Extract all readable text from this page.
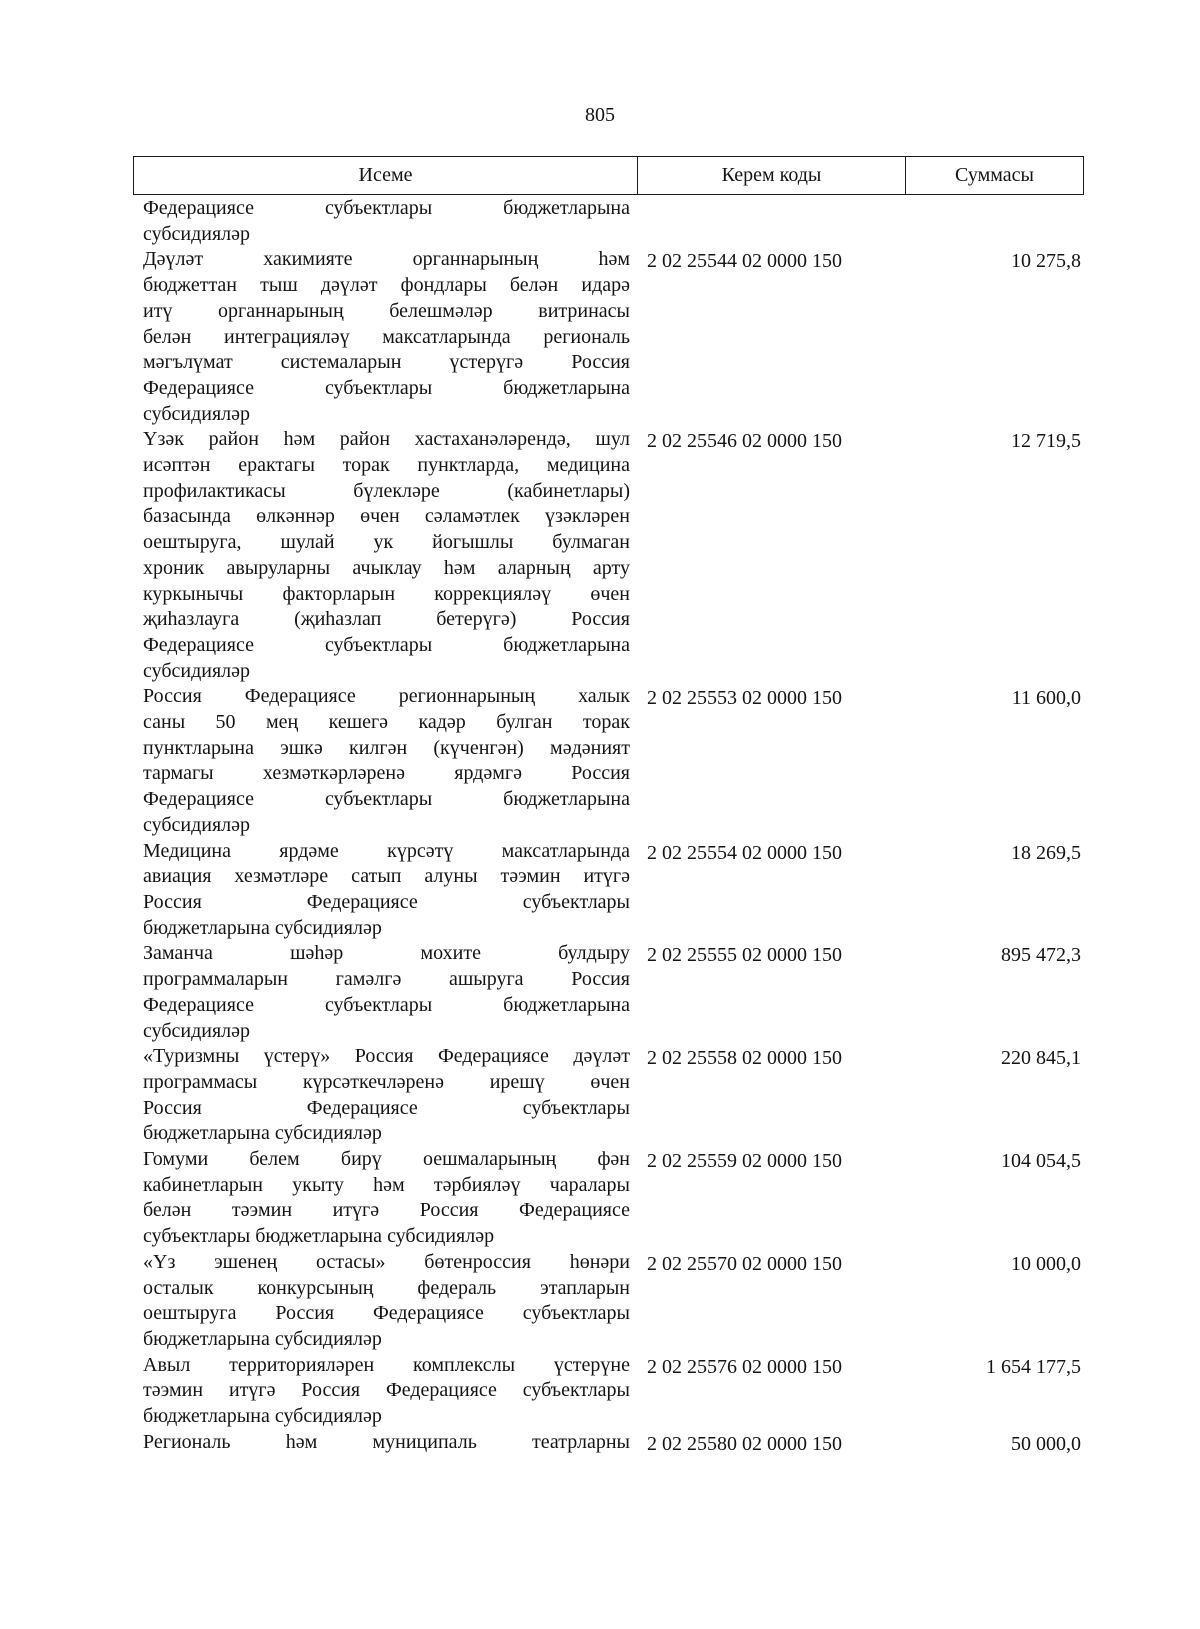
805
Исеме	Керем коды	Суммасы
Федерациясе субъектлары бюджетларына
субсидияләр
Дәүләт хакимияте органнарының һәм
бюджеттан тыш дәүләт фондлары белән идарә
итү органнарының белешмәләр витринасы
белән интеграцияләү максатларында региональ
мәгълүмат системаларын үстерүгә Россия
Федерациясе субъектлары бюджетларына
субсидияләр
2 02 25544 02 0000 150	10 275,8
Үзәк район һәм район хастаханәләрендә, шул
исәптән ерактагы торак пунктларда, медицина
профилактикасы бүлекләре (кабинетлары)
базасында өлкәннәр өчен сәламәтлек үзәкләрен
оештыруга, шулай ук йогышлы булмаган
хроник авыруларны ачыклау һәм аларның арту
куркынычы факторларын коррекцияләү өчен
җиһазлауга (җиһазлап бетерүгә) Россия
Федерациясе субъектлары бюджетларына
субсидияләр
2 02 25546 02 0000 150	12 719,5
Россия Федерациясе регионнарының халык
саны 50 мең кешегә кадәр булган торак
пунктларына эшкә килгән (күченгән) мәдәният
тармагы хезмәткәрләренә ярдәмгә Россия
Федерациясе субъектлары бюджетларына
субсидияләр
2 02 25553 02 0000 150	11 600,0
Медицина ярдәме күрсәтү максатларында
авиация хезмәтләре сатып алуны тәэмин итүгә
Россия Федерациясе субъектлары
бюджетларына субсидияләр
2 02 25554 02 0000 150	18 269,5
Заманча шәһәр мохите булдыру
программаларын гамәлгә ашыруга Россия
Федерациясе субъектлары бюджетларына
субсидияләр
2 02 25555 02 0000 150	895 472,3
«Туризмны үстерү» Россия Федерациясе дәүләт
программасы күрсәткечләренә ирешү өчен
Россия Федерациясе субъектлары
бюджетларына субсидияләр
2 02 25558 02 0000 150	220 845,1
Гомуми белем бирү оешмаларының фән
кабинетларын укыту һәм тәрбияләү чаралары
белән тәэмин итүгә Россия Федерациясе
субъектлары бюджетларына субсидияләр
2 02 25559 02 0000 150	104 054,5
«Үз эшенең остасы» бөтенроссия һөнәри
осталык конкурсының федераль этапларын
оештыруга Россия Федерациясе субъектлары
бюджетларына субсидияләр
2 02 25570 02 0000 150	10 000,0
Авыл территорияләрен комплекслы үстерүне
тәэмин итүгә Россия Федерациясе субъектлары
бюджетларына субсидияләр
2 02 25576 02 0000 150	1 654 177,5
Региональ һәм муниципаль театрларны 2 02 25580 02 0000 150	50 000,0
